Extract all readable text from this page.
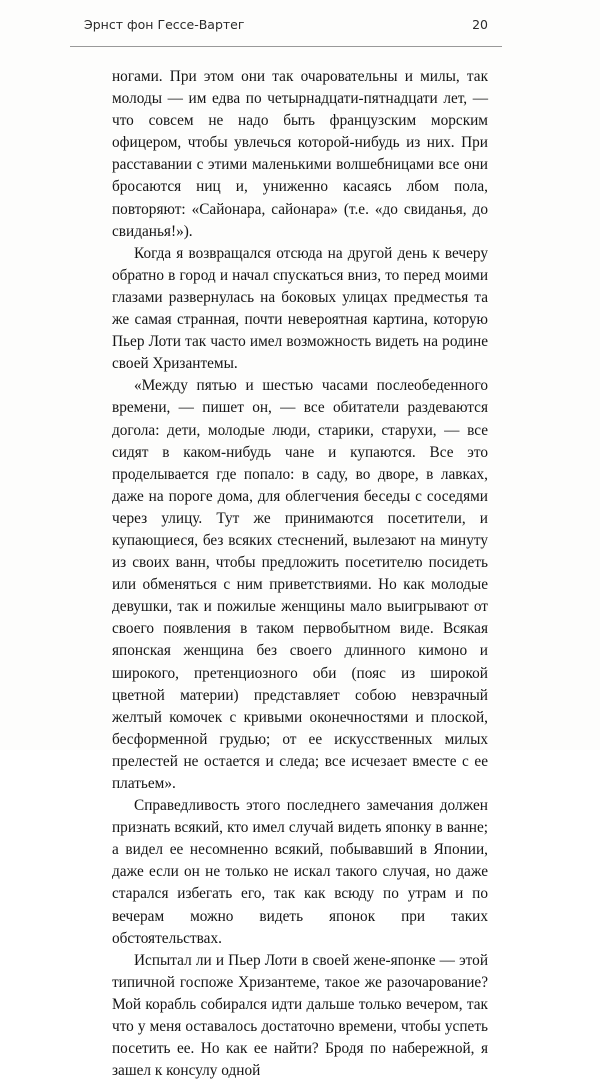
Эрнст фон Гессе-Вартег	20

ногами. При этом они так очаровательны и милы, так молоды — им едва по четырнадцати-пятнадцати лет, — что совсем не надо быть французским морским офицером, чтобы увлечься которой-нибудь из них. При расставании с этими маленькими волшебницами все они бросаются ниц и, униженно касаясь лбом пола, повторяют: «Сайонара, сайонара» (т.е. «до свиданья, до свиданья!»).

Когда я возвращался отсюда на другой день к вечеру обратно в город и начал спускаться вниз, то перед моими глазами развернулась на боковых улицах предместья та же самая странная, почти невероятная картина, которую Пьер Лоти так часто имел возможность видеть на родине своей Хризантемы.

«Между пятью и шестью часами послеобеденного времени, — пишет он, — все обитатели раздеваются догола: дети, молодые люди, старики, старухи, — все сидят в каком-нибудь чане и купаются. Все это проделывается где попало: в саду, во дворе, в лавках, даже на пороге дома, для облегчения беседы с соседями через улицу. Тут же принимаются посетители, и купающиеся, без всяких стеснений, вылезают на минуту из своих ванн, чтобы предложить посетителю посидеть или обменяться с ним приветствиями. Но как молодые девушки, так и пожилые женщины мало выигрывают от своего появления в таком первобытном виде. Всякая японская женщина без своего длинного кимоно и широкого, претенциозного оби (пояс из широкой цветной материи) представляет собою невзрачный желтый комочек с кривыми оконечностями и плоской, бесформенной грудью; от ее искусственных милых прелестей не остается и следа; все исчезает вместе с ее платьем».

Справедливость этого последнего замечания должен признать всякий, кто имел случай видеть японку в ванне; а видел ее несомненно всякий, побывавший в Японии, даже если он не только не искал такого случая, но даже старался избегать его, так как всюду по утрам и по вечерам можно видеть японок при таких обстоятельствах.

Испытал ли и Пьер Лоти в своей жене-японке — этой типичной госпоже Хризантеме, такое же разочарование? Мой корабль собирался идти дальше только вечером, так что у меня оставалось достаточно времени, чтобы успеть посетить ее. Но как ее найти? Бродя по набережной, я зашел к консулу одной
